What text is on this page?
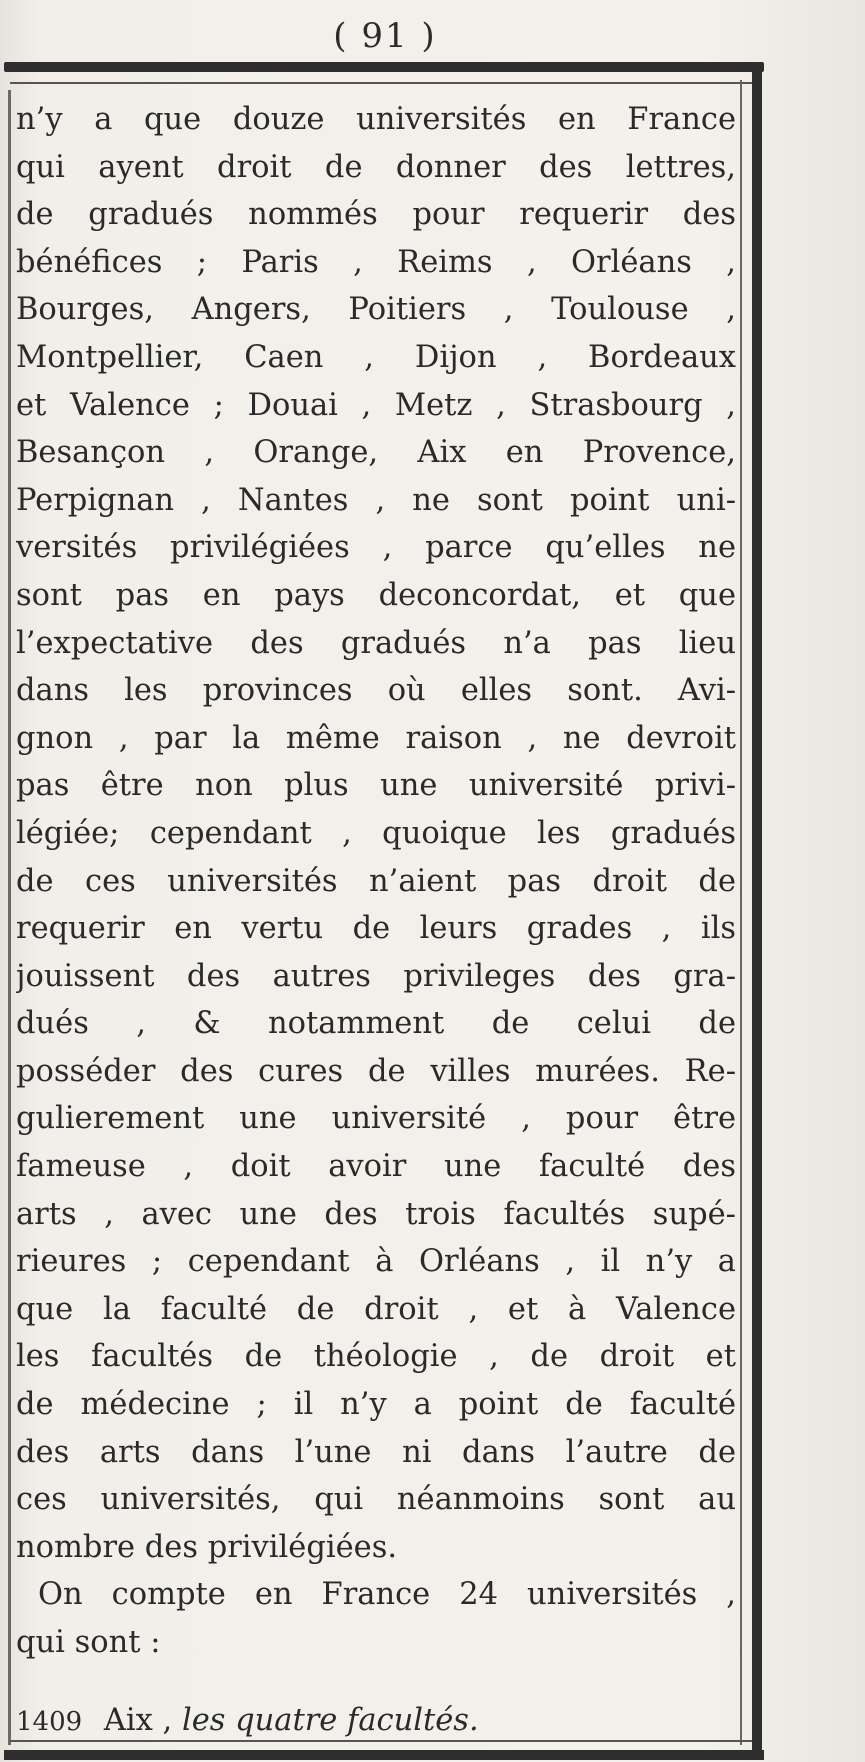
( 91 )
n’y a que douze universités en France
qui ayent droit de donner des lettres,
de gradués nommés pour requerir des
bénéfices ; Paris , Reims , Orléans ,
Bourges, Angers, Poitiers , Toulouse ,
Montpellier, Caen , Dijon , Bordeaux
et Valence ; Douai , Metz , Strasbourg ,
Besançon , Orange, Aix en Provence,
Perpignan , Nantes , ne sont point uni-
versités privilégiées , parce qu’elles ne
sont pas en pays deconcordat, et que
l’expectative des gradués n’a pas lieu
dans les provinces où elles sont. Avi-
gnon , par la même raison , ne devroit
pas être non plus une université privi-
légiée; cependant , quoique les gradués
de ces universités n’aient pas droit de
requerir en vertu de leurs grades , ils
jouissent des autres privileges des gra-
dués , & notamment de celui de
posséder des cures de villes murées. Re-
gulierement une université , pour être
fameuse , doit avoir une faculté des
arts , avec une des trois facultés supé-
rieures ; cependant à Orléans , il n’y a
que la faculté de droit , et à Valence
les facultés de théologie , de droit et
de médecine ; il n’y a point de faculté
des arts dans l’une ni dans l’autre de
ces universités, qui néanmoins sont au
nombre des privilégiées.
On compte en France 24 universités ,
qui sont :
1409 Aix , les quatre facultés.
